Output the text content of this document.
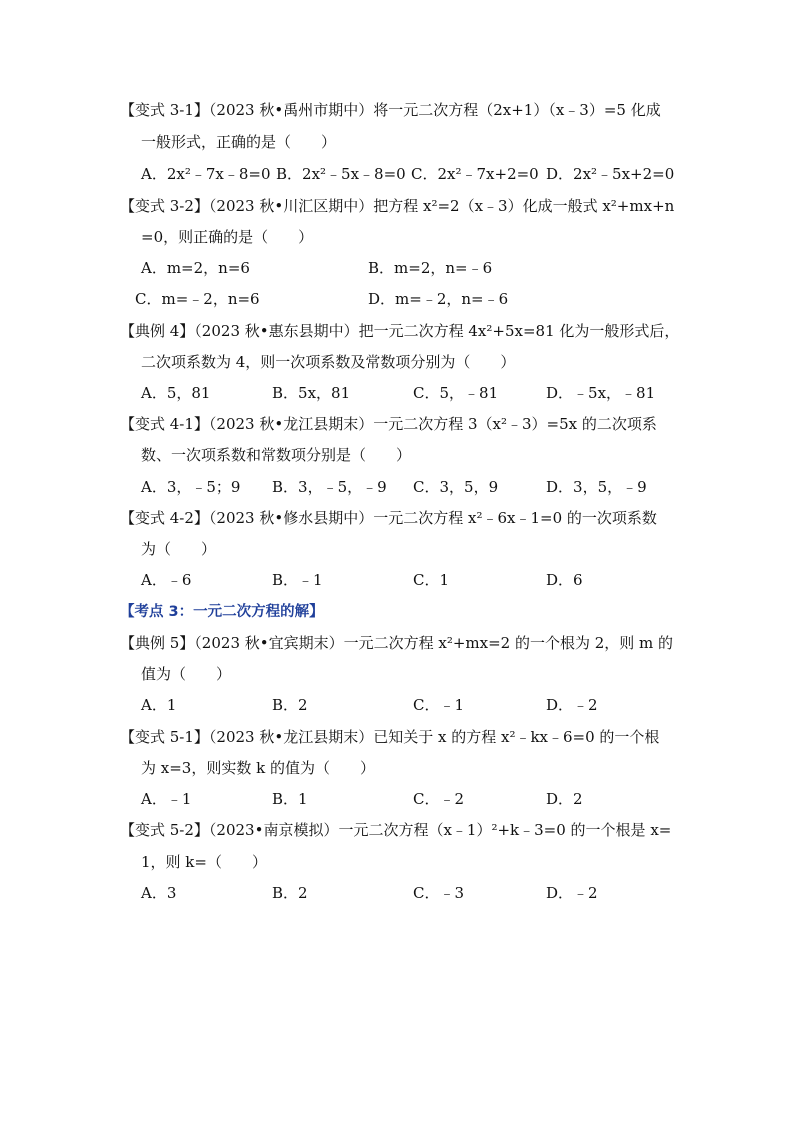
【变式 3-1】（2023 秋•禹州市期中）将一元二次方程（2x+1）（x﹣3）=5 化成
一般形式，正确的是（　　）
A．2x²﹣7x﹣8=0 B．2x²﹣5x﹣8=0 C．2x²﹣7x+2=0 D．2x²﹣5x+2=0
【变式 3-2】（2023 秋•川汇区期中）把方程 x²=2（x﹣3）化成一般式 x²+mx+n
=0，则正确的是（　　）
A．m=2，n=6	B．m=2，n=﹣6
C．m=﹣2，n=6	D．m=﹣2，n=﹣6
【典例 4】（2023 秋•惠东县期中）把一元二次方程 4x²+5x=81 化为一般形式后，
二次项系数为 4，则一次项系数及常数项分别为（　　）
A．5，81	B．5x，81	C．5，﹣81	D．﹣5x，﹣81
【变式 4-1】（2023 秋•龙江县期末）一元二次方程 3（x²﹣3）=5x 的二次项系
数、一次项系数和常数项分别是（　　）
A．3，﹣5；9 B．3，﹣5，﹣9 C．3，5，9	D．3，5，﹣9
【变式 4-2】（2023 秋•修水县期中）一元二次方程 x²﹣6x﹣1=0 的一次项系数
为（　　）
A．﹣6	B．﹣1	C．1	D．6
【考点 3：一元二次方程的解】
【典例 5】（2023 秋•宜宾期末）一元二次方程 x²+mx=2 的一个根为 2，则 m 的
值为（　　）
A．1	B．2	C．﹣1	D．﹣2
【变式 5-1】（2023 秋•龙江县期末）已知关于 x 的方程 x²﹣kx﹣6=0 的一个根
为 x=3，则实数 k 的值为（　　）
A．﹣1	B．1	C．﹣2	D．2
【变式 5-2】（2023•南京模拟）一元二次方程（x﹣1）²+k﹣3=0 的一个根是 x=
1，则 k=（　　）
A．3	B．2	C．﹣3	D．﹣2
